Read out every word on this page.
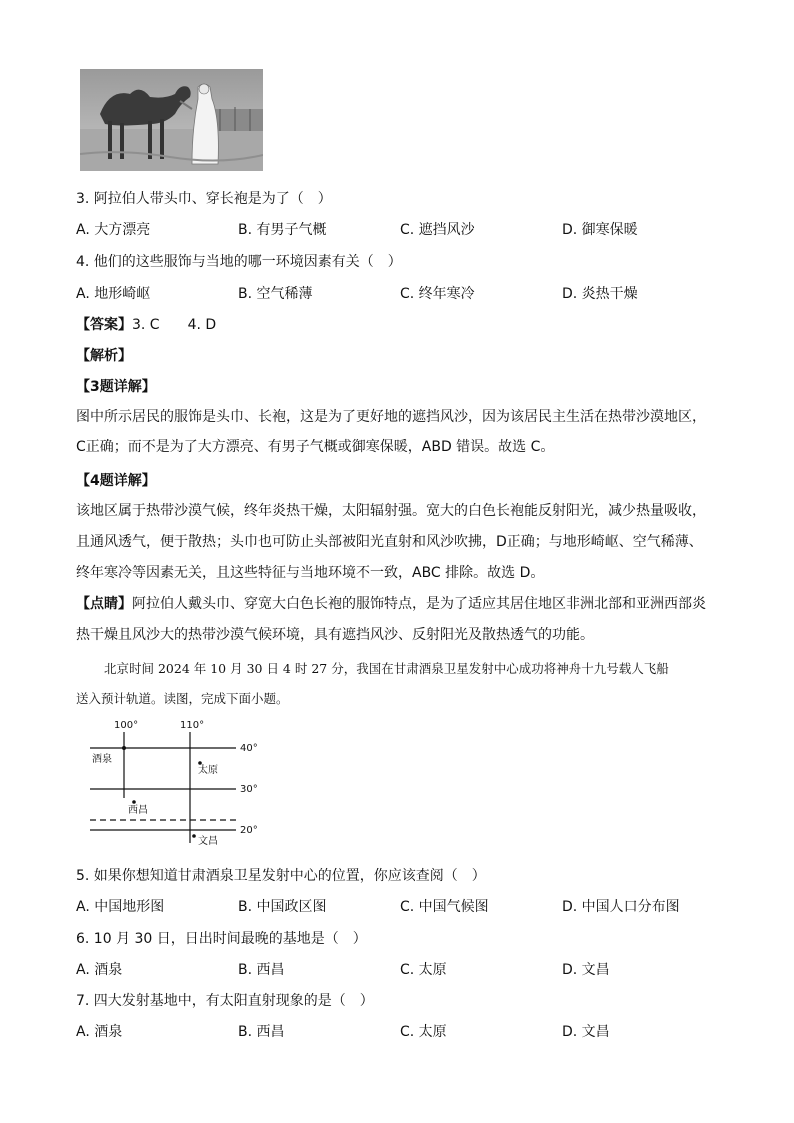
3. 阿拉伯人带头巾、穿长袍是为了（　）
A. 大方漂亮	B. 有男子气概	C. 遮挡风沙	D. 御寒保暖
4. 他们的这些服饰与当地的哪一环境因素有关（　）
A. 地形崎岖	B. 空气稀薄	C. 终年寒冷	D. 炎热干燥
【答案】3. C　　4. D
【解析】
【3题详解】
图中所示居民的服饰是头巾、长袍，这是为了更好地的遮挡风沙，因为该居民主生活在热带沙漠地区，
C正确；而不是为了大方漂亮、有男子气概或御寒保暖，ABD 错误。故选 C。
【4题详解】
该地区属于热带沙漠气候，终年炎热干燥，太阳辐射强。宽大的白色长袍能反射阳光，减少热量吸收，
且通风透气，便于散热；头巾也可防止头部被阳光直射和风沙吹拂，D正确；与地形崎岖、空气稀薄、
终年寒冷等因素无关，且这些特征与当地环境不一致，ABC 排除。故选 D。
【点睛】阿拉伯人戴头巾、穿宽大白色长袍的服饰特点，是为了适应其居住地区非洲北部和亚洲西部炎
热干燥且风沙大的热带沙漠气候环境，具有遮挡风沙、反射阳光及散热透气的功能。
北京时间 2024 年 10 月 30 日 4 时 27 分，我国在甘肃酒泉卫星发射中心成功将神舟十九号载人飞船
送入预计轨道。读图，完成下面小题。
100°	110°
40°
30°
20°
酒泉
太原
西昌
文昌
5. 如果你想知道甘肃酒泉卫星发射中心的位置，你应该查阅（　）
A. 中国地形图	B. 中国政区图	C. 中国气候图	D. 中国人口分布图
6. 10 月 30 日，日出时间最晚的基地是（　）
A. 酒泉	B. 西昌	C. 太原	D. 文昌
7. 四大发射基地中，有太阳直射现象的是（　）
A. 酒泉	B. 西昌	C. 太原	D. 文昌
